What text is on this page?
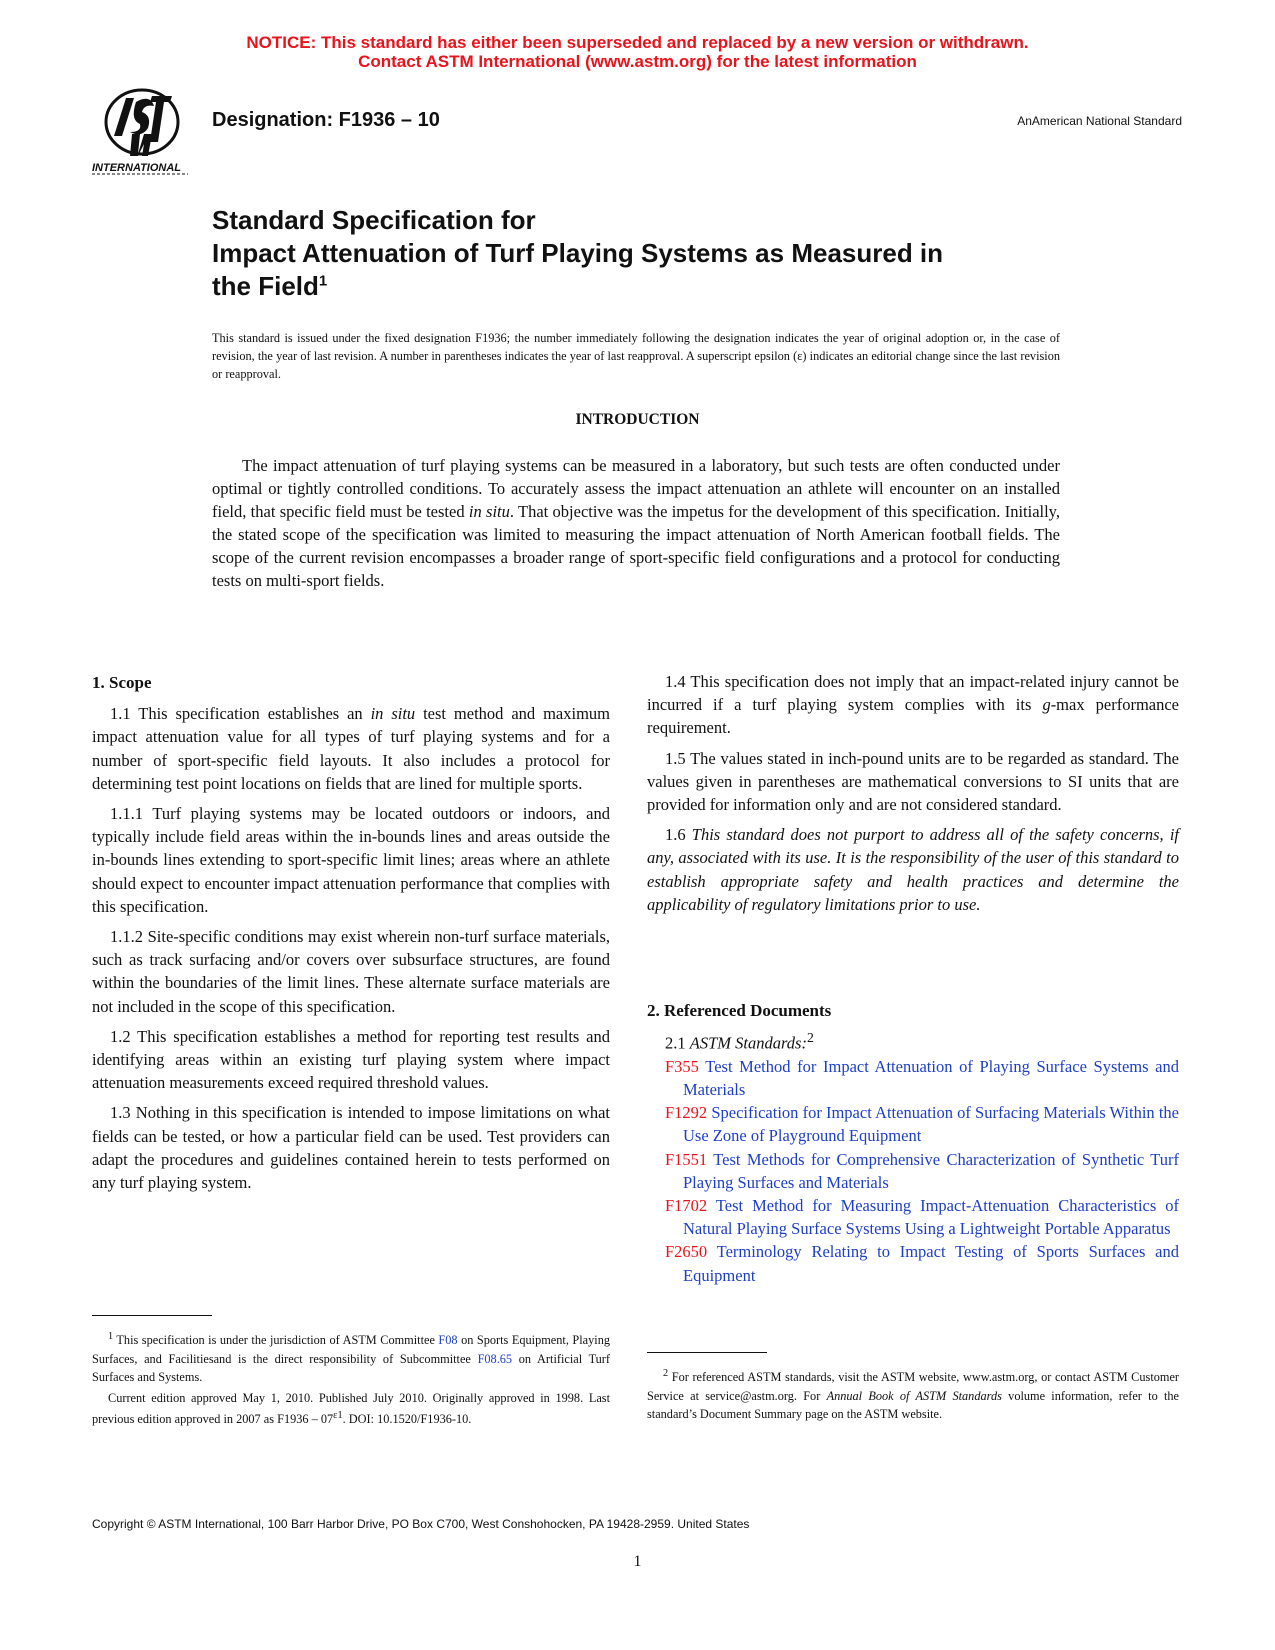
NOTICE: This standard has either been superseded and replaced by a new version or withdrawn.
Contact ASTM International (www.astm.org) for the latest information
INTERNATIONAL
Designation: F1936 – 10	AnAmerican National Standard
Standard Specification for
Impact Attenuation of Turf Playing Systems as Measured in
the Field$^1$
This standard is issued under the fixed designation F1936; the number immediately following the designation indicates the year of original adoption or, in the case of revision, the year of last revision. A number in parentheses indicates the year of last reapproval. A superscript epsilon (ε) indicates an editorial change since the last revision or reapproval.
INTRODUCTION

The impact attenuation of turf playing systems can be measured in a laboratory, but such tests are often conducted under optimal or tightly controlled conditions. To accurately assess the impact attenuation an athlete will encounter on an installed field, that specific field must be tested in situ. That objective was the impetus for the development of this specification. Initially, the stated scope of the specification was limited to measuring the impact attenuation of North American football fields. The scope of the current revision encompasses a broader range of sport-specific field configurations and a protocol for conducting tests on multi-sport fields.

1. Scope

1.1 This specification establishes an in situ test method and maximum impact attenuation value for all types of turf playing systems and for a number of sport-specific field layouts. It also includes a protocol for determining test point locations on fields that are lined for multiple sports.

1.1.1 Turf playing systems may be located outdoors or indoors, and typically include field areas within the in-bounds lines and areas outside the in-bounds lines extending to sport-specific limit lines; areas where an athlete should expect to encounter impact attenuation performance that complies with this specification.

1.1.2 Site-specific conditions may exist wherein non-turf surface materials, such as track surfacing and/or covers over subsurface structures, are found within the boundaries of the limit lines. These alternate surface materials are not included in the scope of this specification.

1.2 This specification establishes a method for reporting test results and identifying areas within an existing turf playing system where impact attenuation measurements exceed required threshold values.

1.3 Nothing in this specification is intended to impose limitations on what fields can be tested, or how a particular field can be used. Test providers can adapt the procedures and guidelines contained herein to tests performed on any turf playing system.

1.4 This specification does not imply that an impact-related injury cannot be incurred if a turf playing system complies with its g-max performance requirement.

1.5 The values stated in inch-pound units are to be regarded as standard. The values given in parentheses are mathematical conversions to SI units that are provided for information only and are not considered standard.

1.6 This standard does not purport to address all of the safety concerns, if any, associated with its use. It is the responsibility of the user of this standard to establish appropriate safety and health practices and determine the applicability of regulatory limitations prior to use.

2. Referenced Documents
2.1 ASTM Standards:$^2$
F355 Test Method for Impact Attenuation of Playing Surface Systems and Materials
F1292 Specification for Impact Attenuation of Surfacing Materials Within the Use Zone of Playground Equipment
F1551 Test Methods for Comprehensive Characterization of Synthetic Turf Playing Surfaces and Materials
F1702 Test Method for Measuring Impact-Attenuation Characteristics of Natural Playing Surface Systems Using a Lightweight Portable Apparatus
F2650 Terminology Relating to Impact Testing of Sports Surfaces and Equipment

$^1$ This specification is under the jurisdiction of ASTM Committee F08 on Sports Equipment, Playing Surfaces, and Facilitiesand is the direct responsibility of Subcommittee F08.65 on Artificial Turf Surfaces and Systems.

Current edition approved May 1, 2010. Published July 2010. Originally approved in 1998. Last previous edition approved in 2007 as $F1936 - 07^{\varepsilon 1}$. DOI: 10.1520/F1936-10.

$^2$ For referenced ASTM standards, visit the ASTM website, www.astm.org, or contact ASTM Customer Service at service@astm.org. For Annual Book of ASTM Standards volume information, refer to the standard’s Document Summary page on the ASTM website.

Copyright © ASTM International, 100 Barr Harbor Drive, PO Box C700, West Conshohocken, PA 19428-2959. United States
1
